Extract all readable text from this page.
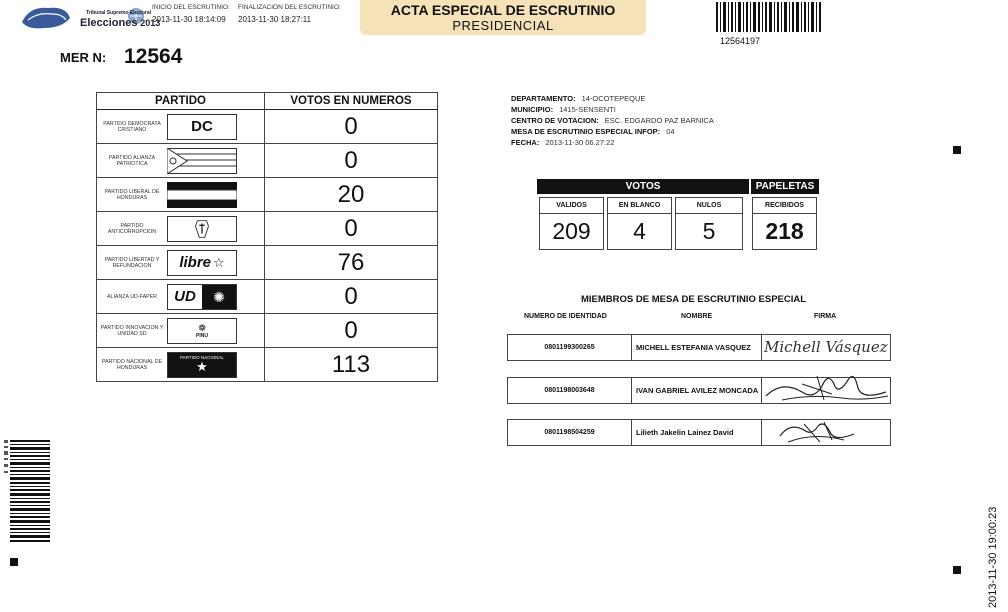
Tribunal Supremo Electoral
Elecciones 2013
INICIO DEL ESCRUTINIO:
2013-11-30 18:14:09
FINALIZACION DEL ESCRUTINIO:
2013-11-30 18:27:11
ACTA ESPECIAL DE ESCRUTINIO
PRESIDENCIAL
12564197
MER N: 12564
PARTIDO	VOTOS EN NUMEROS

PARTIDO DEMOCRATA CRISTIANO DC	0

PARTIDO ALIANZA PATRIOTICA	0

PARTIDO LIBERAL DE HONDURAS	20

PARTIDO ANTICORRUPCION	0

PARTIDO LIBERTAD Y REFUNDACION libre ☆	76

ALIANZA UD-FAPER UD ✺	0

PARTIDO INNOVACION Y UNIDAD SD
❁
PINU	0

PARTIDO NACIONAL DE HONDURAS
PARTIDO NACIONAL
★	113
DEPARTAMENTO: 14-OCOTEPEQUE
MUNICIPIO: 1415-SENSENTI
CENTRO DE VOTACION: ESC. EDGARDO PAZ BARNICA
MESA DE ESCRUTINIO ESPECIAL INFOP: 04
FECHA: 2013-11-30 06.27:22
VOTOS	PAPELETAS
VALIDOS
209
EN BLANCO
4
NULOS
5
RECIBIDOS
218
MIEMBROS DE MESA DE ESCRUTINIO ESPECIAL
NUMERO DE IDENTIDAD	NOMBRE	FIRMA
0801199300265	MICHELL ESTEFANIA VASQUEZ Michell Vásquez
0801198003648	IVAN GABRIEL AVILEZ MONCADA
0801198504259	Lilieth Jakelin Lainez David
2013-11-30 19:00:23
